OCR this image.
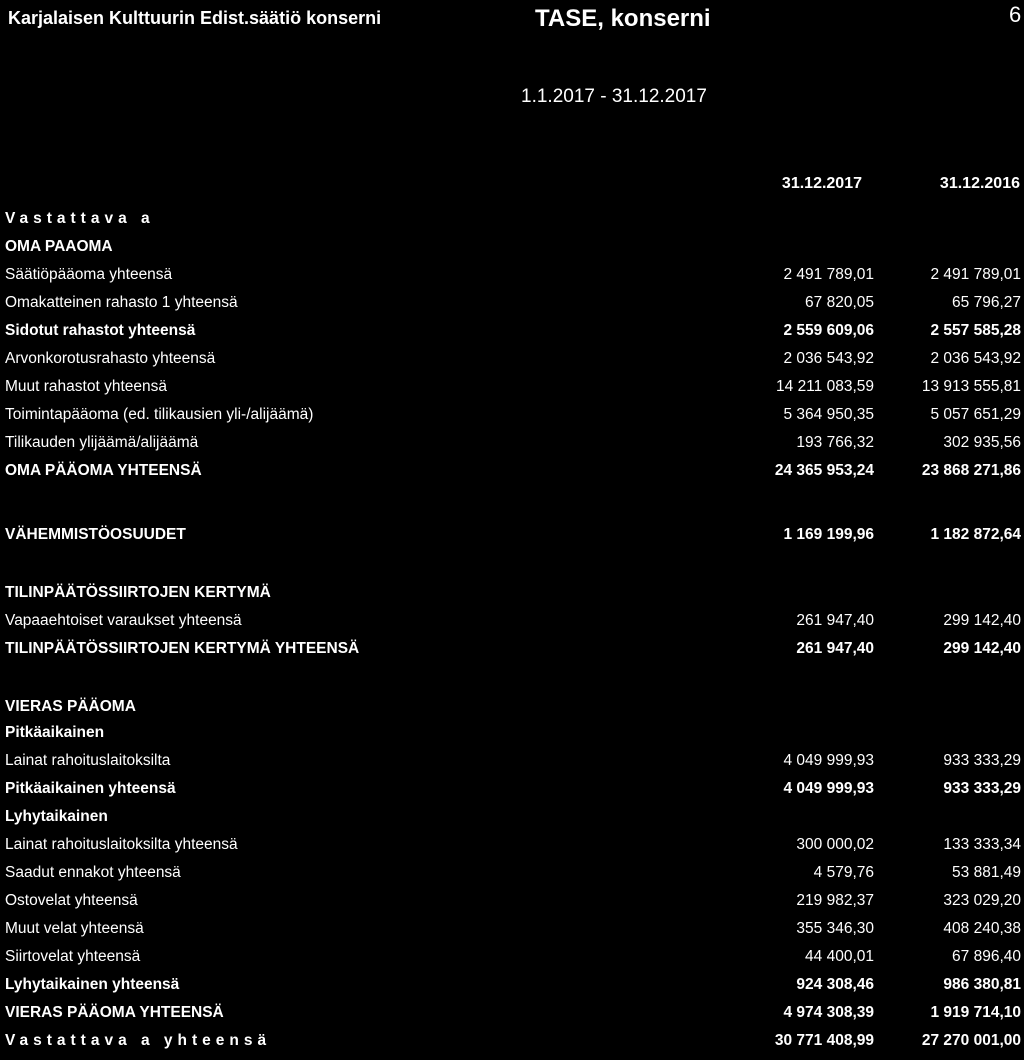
Karjalaisen Kulttuurin Edist.säätiö konserni	TASE, konserni	6
1.1.2017 - 31.12.2017
31.12.2017	31.12.2016
Vastattava a
OMA PAAOMA
Säätiöpääoma yhteensä	2 491 789,01	2 491 789,01
Omakatteinen rahasto 1 yhteensä	67 820,05	65 796,27
Sidotut rahastot yhteensä	2 559 609,06	2 557 585,28
Arvonkorotusrahasto yhteensä	2 036 543,92	2 036 543,92
Muut rahastot yhteensä	14 211 083,59	13 913 555,81
Toimintapääoma (ed. tilikausien yli-/alijäämä)	5 364 950,35	5 057 651,29
Tilikauden ylijäämä/alijäämä	193 766,32	302 935,56
OMA PÄÄOMA YHTEENSÄ	24 365 953,24	23 868 271,86
VÄHEMMISTÖOSUUDET	1 169 199,96	1 182 872,64
TILINPÄÄTÖSSIIRTOJEN KERTYMÄ
Vapaaehtoiset varaukset yhteensä	261 947,40	299 142,40
TILINPÄÄTÖSSIIRTOJEN KERTYMÄ YHTEENSÄ	261 947,40	299 142,40
VIERAS PÄÄOMA
Pitkäaikainen
Lainat rahoituslaitoksilta	4 049 999,93	933 333,29
Pitkäaikainen yhteensä	4 049 999,93	933 333,29
Lyhytaikainen
Lainat rahoituslaitoksilta yhteensä	300 000,02	133 333,34
Saadut ennakot yhteensä	4 579,76	53 881,49
Ostovelat yhteensä	219 982,37	323 029,20
Muut velat yhteensä	355 346,30	408 240,38
Siirtovelat yhteensä	44 400,01	67 896,40
Lyhytaikainen yhteensä	924 308,46	986 380,81
VIERAS PÄÄOMA YHTEENSÄ	4 974 308,39	1 919 714,10
Vastattava a yhteensä	30 771 408,99	27 270 001,00
